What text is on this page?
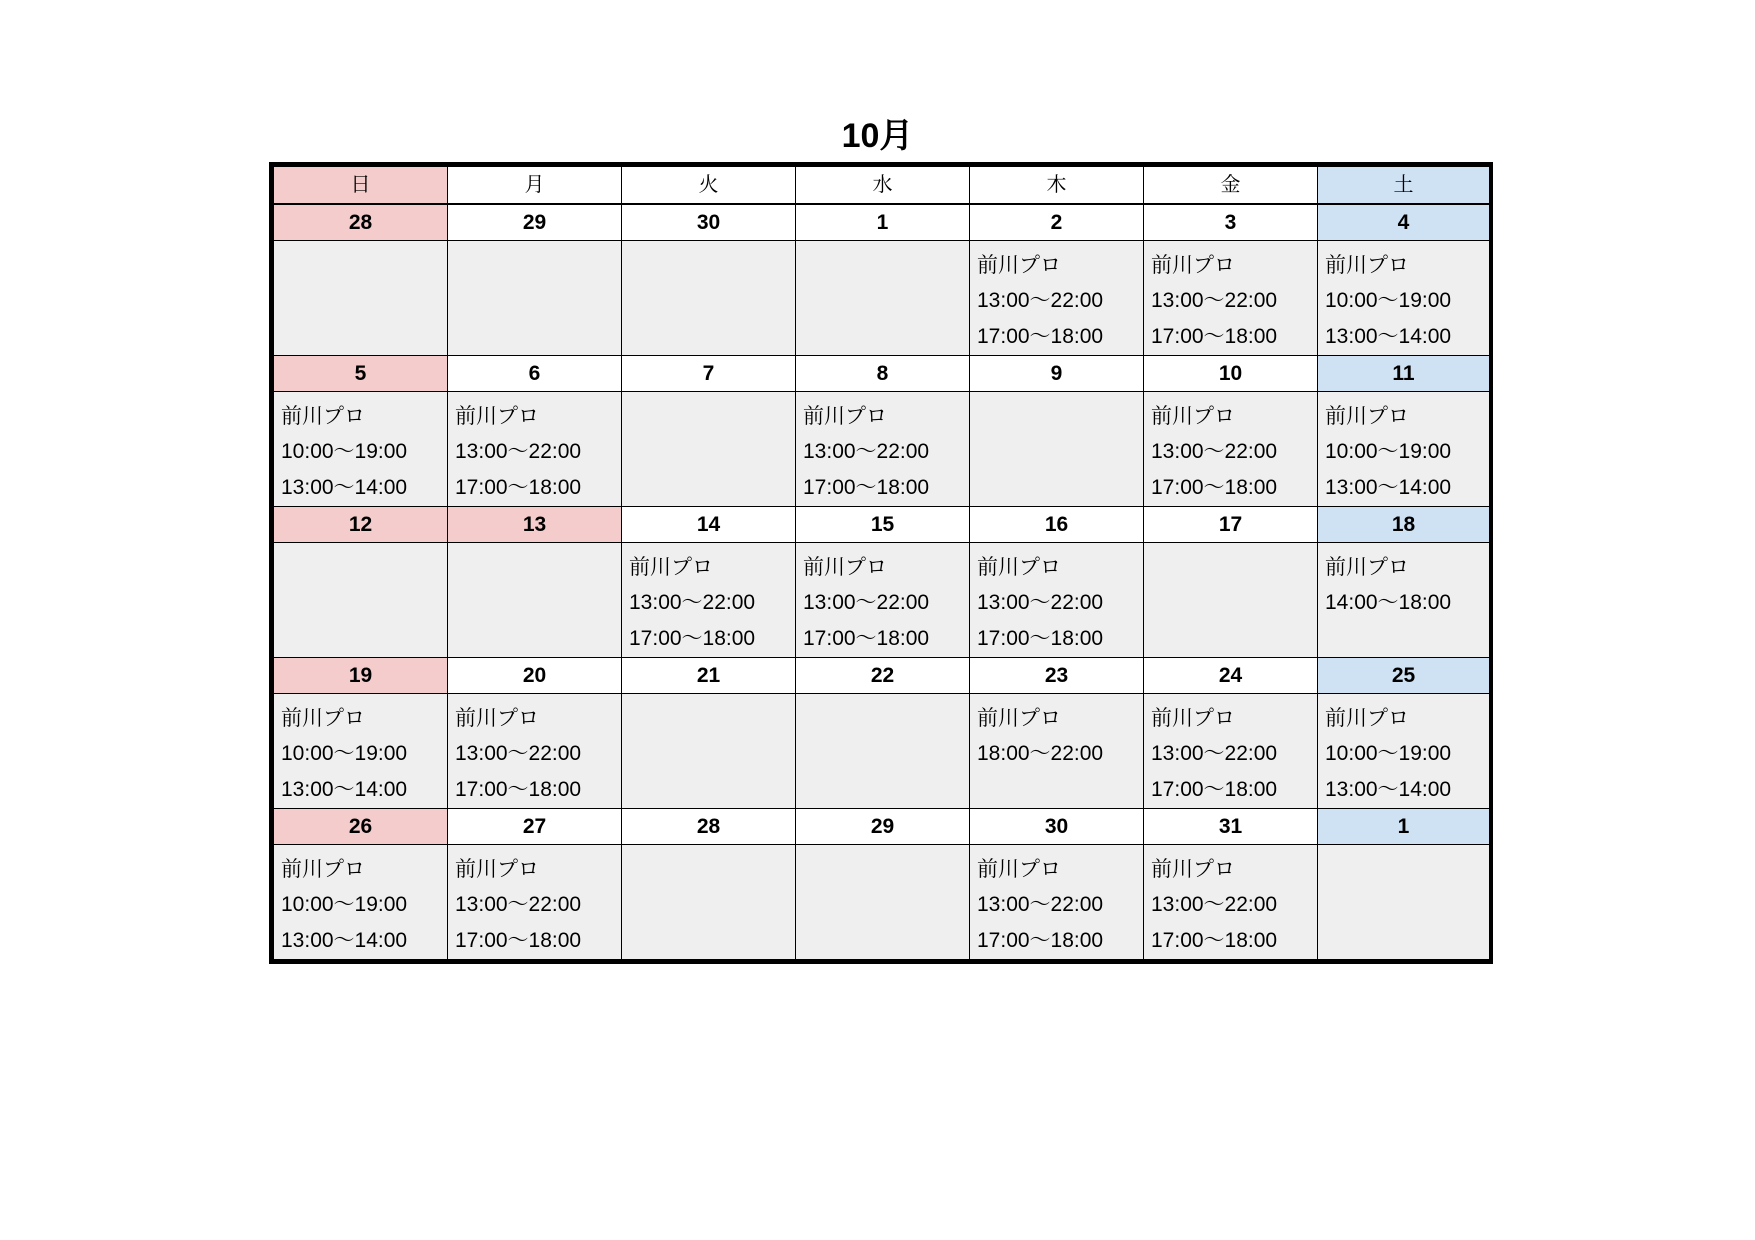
10月
日	月	火	水	木	金	土
28	29	30	1	2	3	4

				前川プロ
13:00～22:00
17:00～18:00	前川プロ
13:00～22:00
17:00～18:00	前川プロ
10:00～19:00
13:00～14:00

5	6	7	8	9	10	11

前川プロ
10:00～19:00
13:00～14:00	前川プロ
13:00～22:00
17:00～18:00		前川プロ
13:00～22:00
17:00～18:00		前川プロ
13:00～22:00
17:00～18:00	前川プロ
10:00～19:00
13:00～14:00

12	13	14	15	16	17	18

		前川プロ
13:00～22:00
17:00～18:00	前川プロ
13:00～22:00
17:00～18:00	前川プロ
13:00～22:00
17:00～18:00		前川プロ
14:00～18:00

19	20	21	22	23	24	25

前川プロ
10:00～19:00
13:00～14:00	前川プロ
13:00～22:00
17:00～18:00			前川プロ
18:00～22:00	前川プロ
13:00～22:00
17:00～18:00	前川プロ
10:00～19:00
13:00～14:00

26	27	28	29	30	31	1

前川プロ
10:00～19:00
13:00～14:00	前川プロ
13:00～22:00
17:00～18:00			前川プロ
13:00～22:00
17:00～18:00	前川プロ
13:00～22:00
17:00～18:00	
